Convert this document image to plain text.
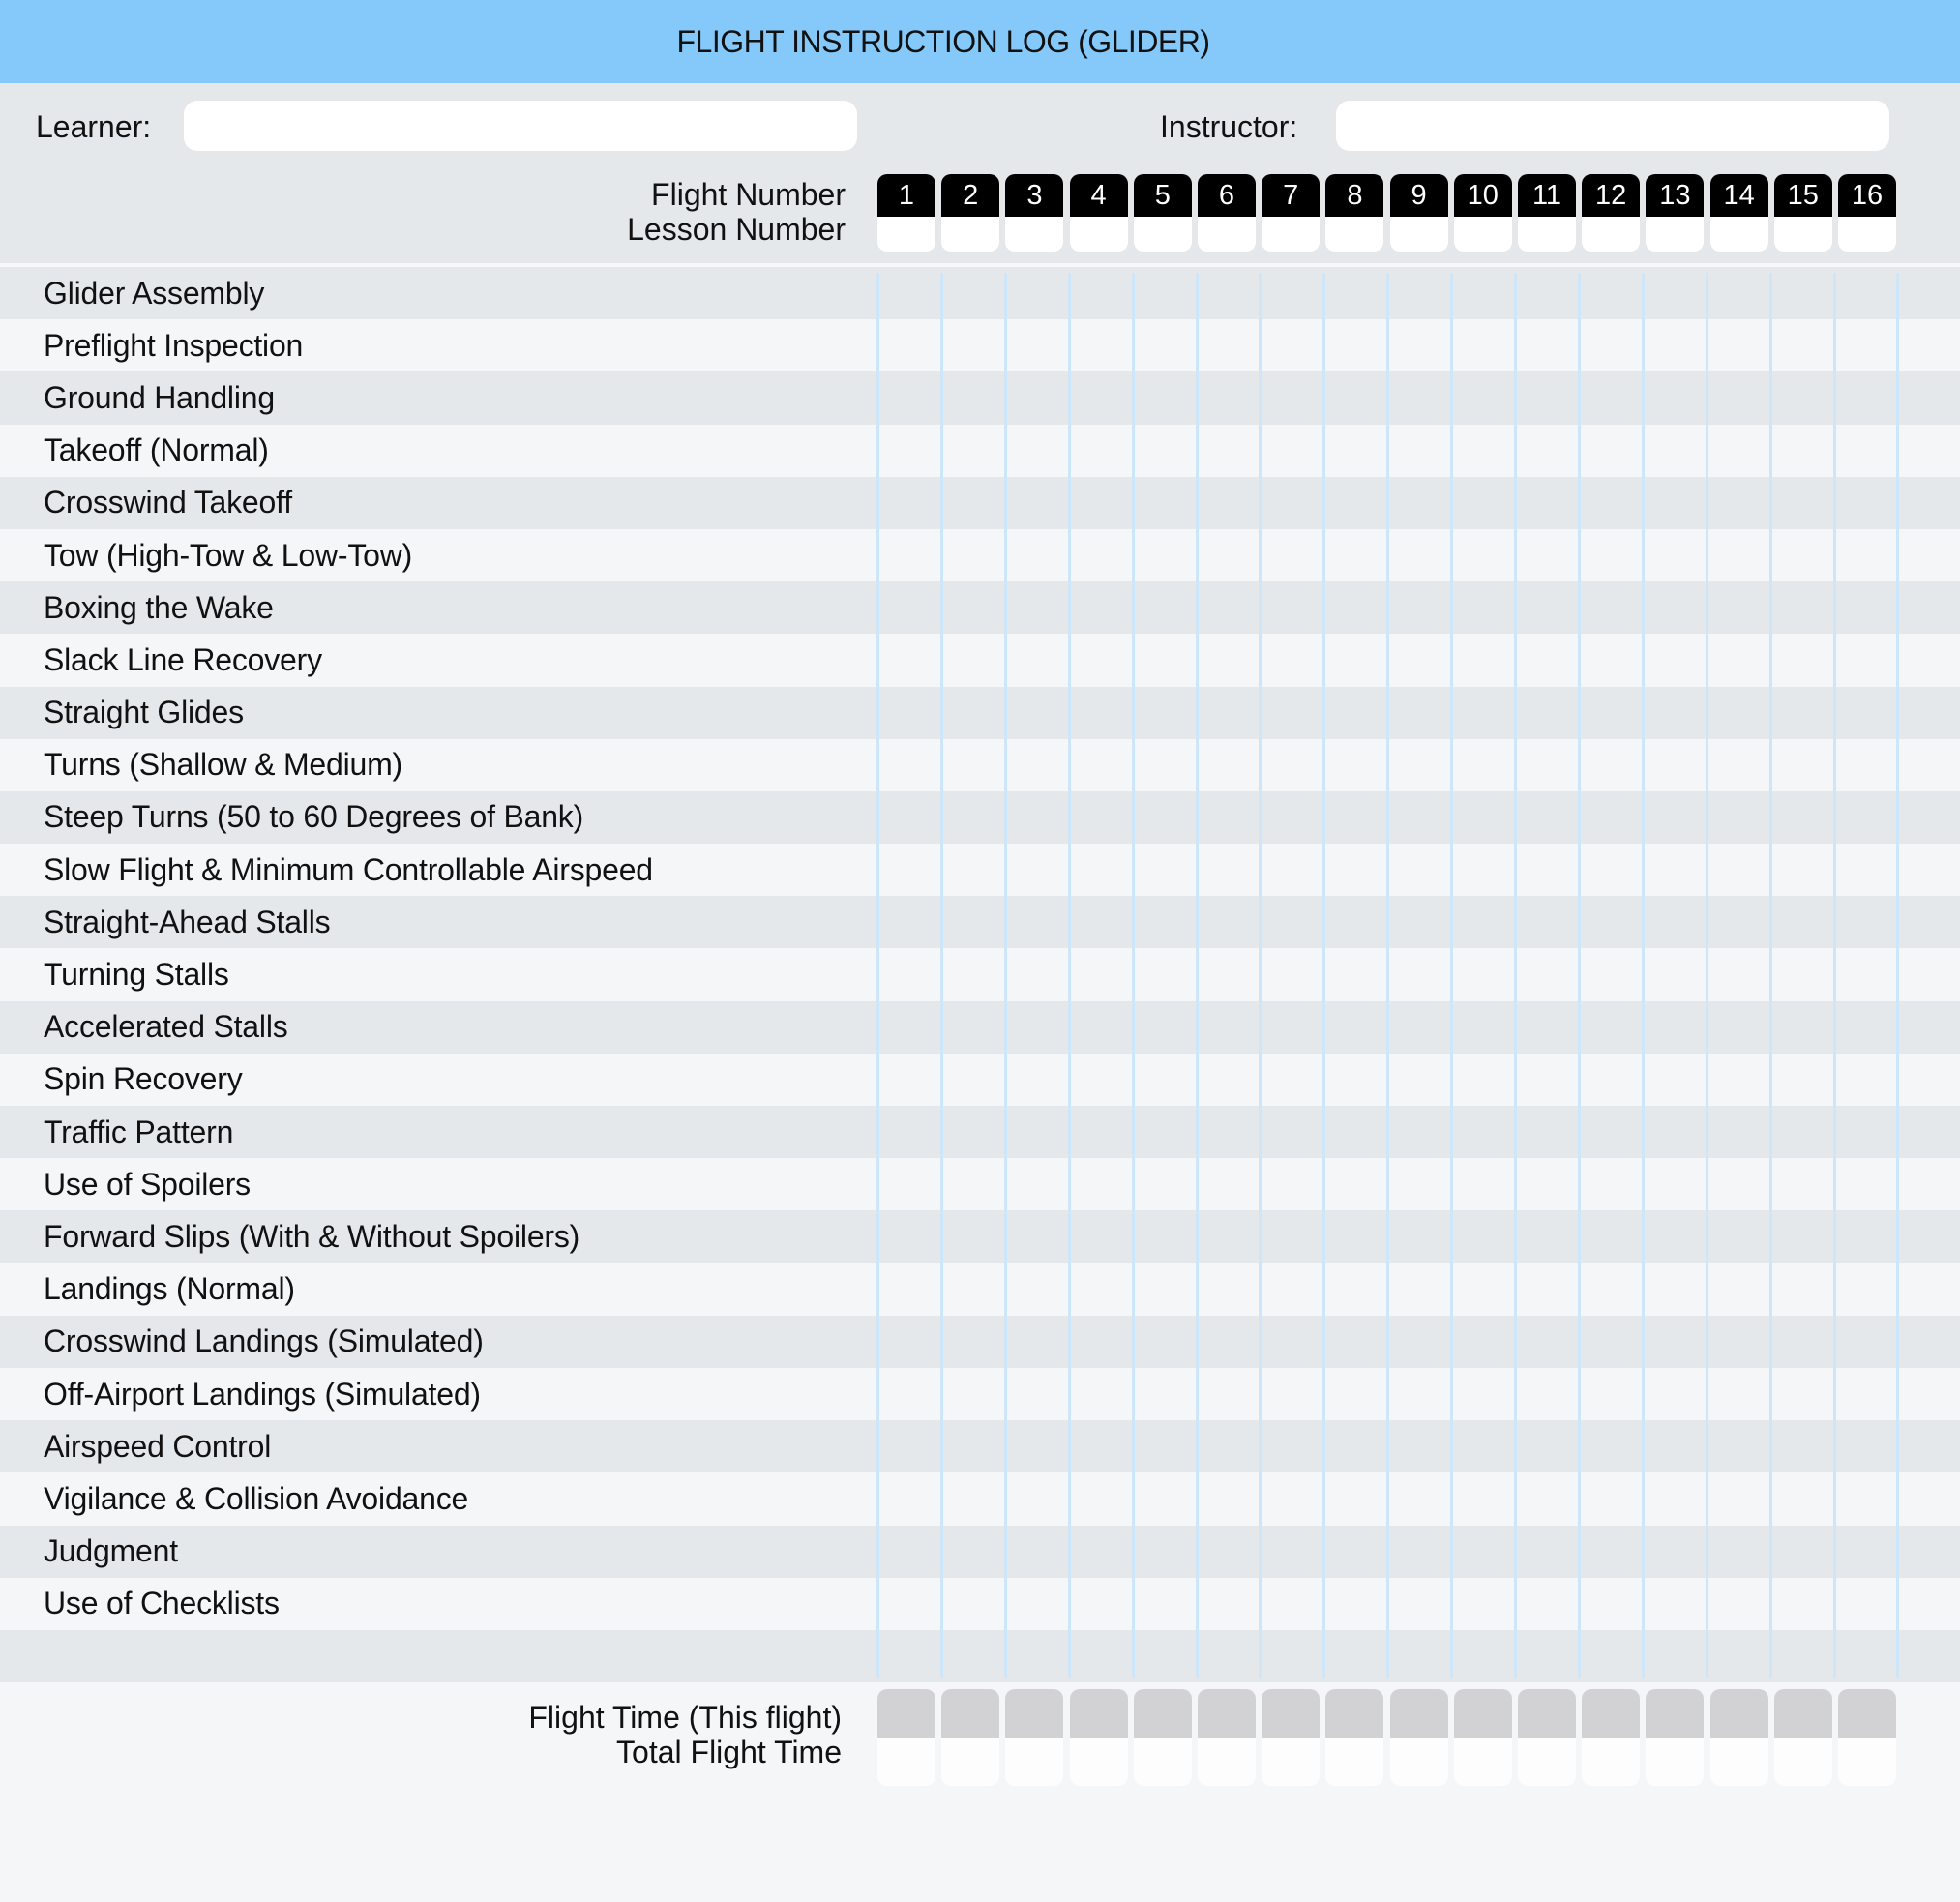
FLIGHT INSTRUCTION LOG (GLIDER)
Learner:	Instructor:
Flight Number
Lesson Number
1	2	3	4	5	6	7	8	9	10	11	12	13	14	15	16
Glider Assembly
Preflight Inspection
Ground Handling
Takeoff (Normal)
Crosswind Takeoff
Tow (High-Tow & Low-Tow)
Boxing the Wake
Slack Line Recovery
Straight Glides
Turns (Shallow & Medium)
Steep Turns (50 to 60 Degrees of Bank)
Slow Flight & Minimum Controllable Airspeed
Straight-Ahead Stalls
Turning Stalls
Accelerated Stalls
Spin Recovery
Traffic Pattern
Use of Spoilers
Forward Slips (With & Without Spoilers)
Landings (Normal)
Crosswind Landings (Simulated)
Off-Airport Landings (Simulated)
Airspeed Control
Vigilance & Collision Avoidance
Judgment
Use of Checklists
Flight Time (This flight)
Total Flight Time
